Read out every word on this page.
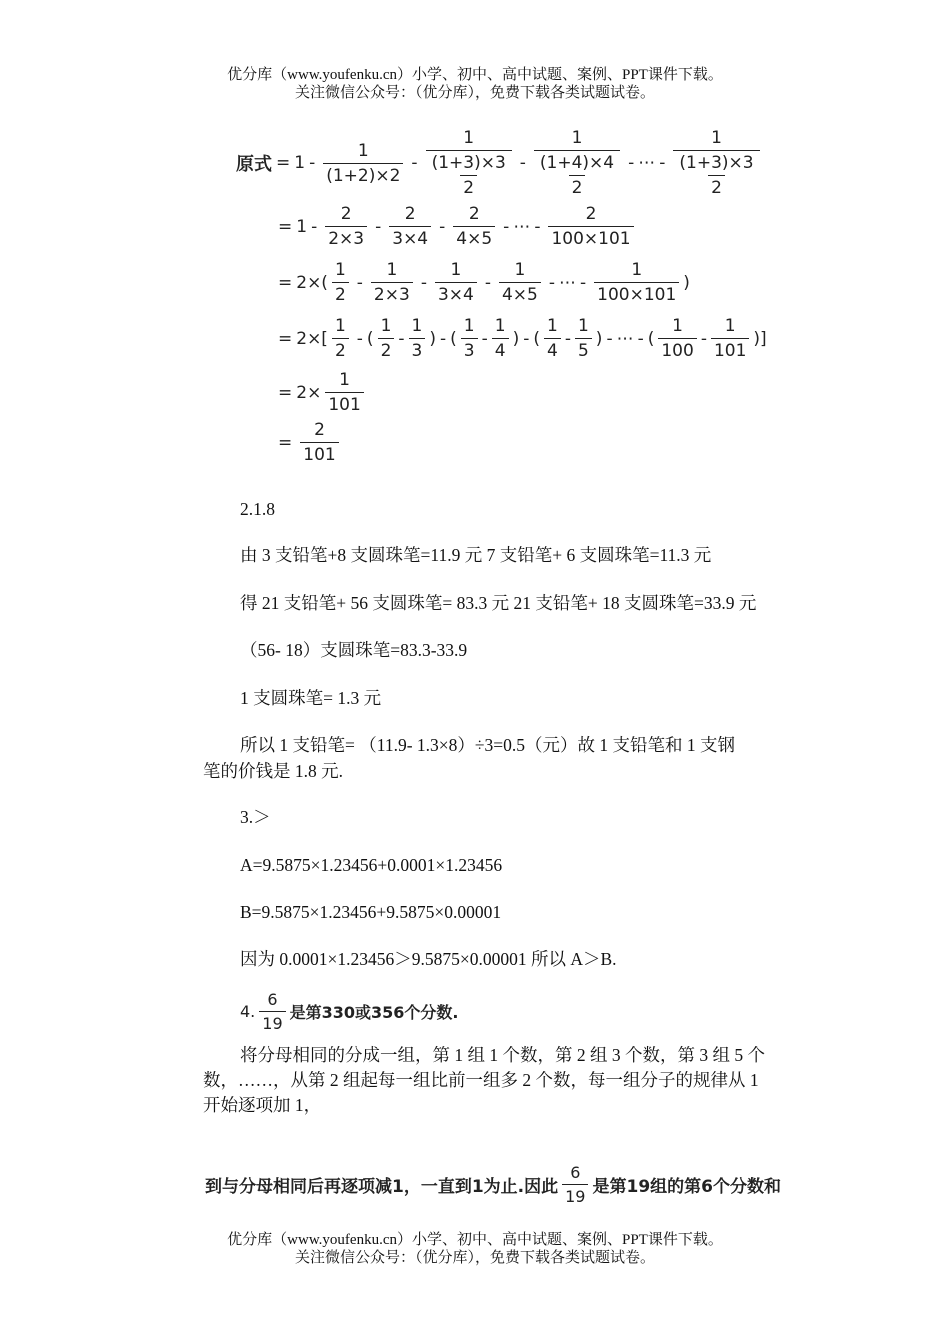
优分库（www.youfenku.cn）小学、初中、高中试题、案例、PPT课件下载。
关注微信公众号：（优分库），免费下载各类试题试卷。
原式 = $1 - \frac{1}{(1+2)\times 2} - \frac{1}{\frac{(1+3)\times 3}{2}} - \frac{1}{\frac{(1+4)\times 4}{2}}$ - ⋯ - $\frac{1}{\frac{(1+3)\times 3}{2}}$
= $1 - \frac{2}{2\times 3} - \frac{2}{3\times 4} - \frac{2}{4\times 5}$ - ⋯ - $\frac{2}{100\times 101}$
= $2\times( \frac{1}{2} - \frac{1}{2\times 3} - \frac{1}{3\times 4} - \frac{1}{4\times 5}$ - ⋯ - $\frac{1}{100\times 101}$ )
= $2\times[ \frac{1}{2}$ - ( $\frac{1}{2} - \frac{1}{3}$ ) - ( $\frac{1}{3} - \frac{1}{4}$ ) - ( $\frac{1}{4} - \frac{1}{5}$ ) - ⋯ - ( $\frac{1}{100} - \frac{1}{101}$ ) ]
= $2\times \frac{1}{101}$
= $\frac{2}{101}$
2.1.8
由 3 支铅笔+8 支圆珠笔=11.9 元 7 支铅笔+ 6 支圆珠笔=11.3 元
得 21 支铅笔+ 56 支圆珠笔= 83.3 元 21 支铅笔+ 18 支圆珠笔=33.9 元
（56- 18）支圆珠笔=83.3-33.9
1 支圆珠笔= 1.3 元
所以 1 支铅笔= （11.9- 1.3×8）÷3=0.5（元）故 1 支铅笔和 1 支钢
笔的价钱是 1.8 元.
3.＞
A=9.5875×1.23456+0.0001×1.23456
B=9.5875×1.23456+9.5875×0.00001
因为 0.0001×1.23456＞9.5875×0.00001 所以 A＞B.
4. $\frac{6}{19}$ 是第330或356个分数.
将分母相同的分成一组，第 1 组 1 个数，第 2 组 3 个数，第 3 组 5 个
数，……，从第 2 组起每一组比前一组多 2 个数，每一组分子的规律从 1
开始逐项加 1，
到与分母相同后再逐项减1，一直到1为止.因此 $\frac{6}{19}$ 是第19组的第6个分数和
优分库（www.youfenku.cn）小学、初中、高中试题、案例、PPT课件下载。
关注微信公众号：（优分库），免费下载各类试题试卷。
